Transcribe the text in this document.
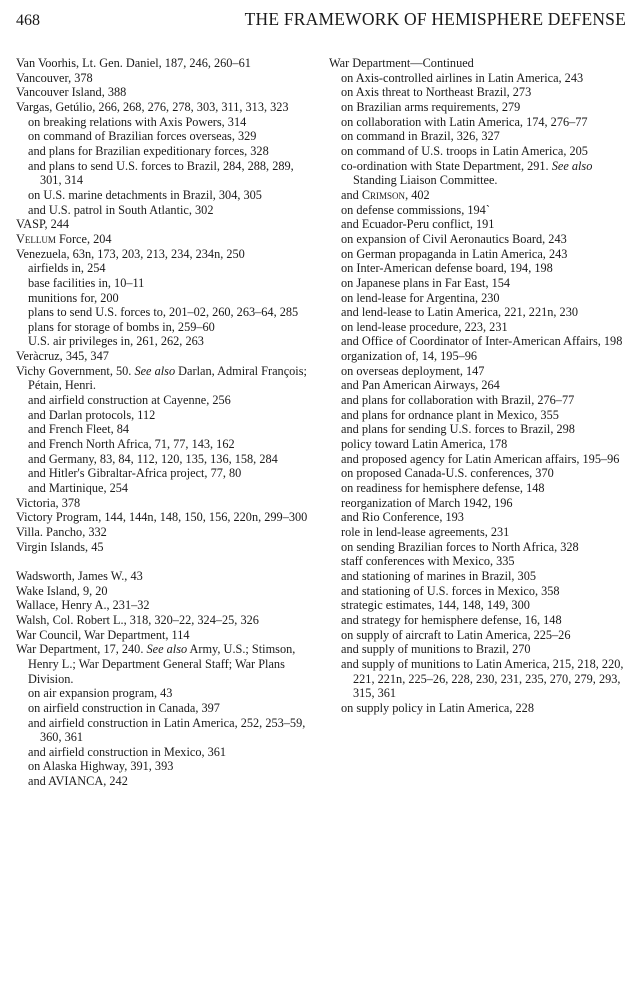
468	THE FRAMEWORK OF HEMISPHERE DEFENSE
Van Voorhis, Lt. Gen. Daniel, 187, 246, 260–61
Vancouver, 378
Vancouver Island, 388
Vargas, Getúlio, 266, 268, 276, 278, 303, 311, 313, 323
on breaking relations with Axis Powers, 314
on command of Brazilian forces overseas, 329
and plans for Brazilian expeditionary forces, 328
and plans to send U.S. forces to Brazil, 284, 288, 289, 301, 314
on U.S. marine detachments in Brazil, 304, 305
and U.S. patrol in South Atlantic, 302
VASP, 244
Vellum Force, 204
Venezuela, 63n, 173, 203, 213, 234, 234n, 250
airfields in, 254
base facilities in, 10–11
munitions for, 200
plans to send U.S. forces to, 201–02, 260, 263–64, 285
plans for storage of bombs in, 259–60
U.S. air privileges in, 261, 262, 263
Veràcruz, 345, 347
Vichy Government, 50. See also Darlan, Admiral François; Pétain, Henri.
and airfield construction at Cayenne, 256
and Darlan protocols, 112
and French Fleet, 84
and French North Africa, 71, 77, 143, 162
and Germany, 83, 84, 112, 120, 135, 136, 158, 284
and Hitler's Gibraltar-Africa project, 77, 80
and Martinique, 254
Victoria, 378
Victory Program, 144, 144n, 148, 150, 156, 220n, 299–300
Villa. Pancho, 332
Virgin Islands, 45
Wadsworth, James W., 43
Wake Island, 9, 20
Wallace, Henry A., 231–32
Walsh, Col. Robert L., 318, 320–22, 324–25, 326
War Council, War Department, 114
War Department, 17, 240. See also Army, U.S.; Stimson, Henry L.; War Department General Staff; War Plans Division.
on air expansion program, 43
on airfield construction in Canada, 397
and airfield construction in Latin America, 252, 253–59, 360, 361
and airfield construction in Mexico, 361
on Alaska Highway, 391, 393
and AVIANCA, 242
War Department—Continued
on Axis-controlled airlines in Latin America, 243
on Axis threat to Northeast Brazil, 273
on Brazilian arms requirements, 279
on collaboration with Latin America, 174, 276–77
on command in Brazil, 326, 327
on command of U.S. troops in Latin America, 205
co-ordination with State Department, 291. See also Standing Liaison Committee.
and Crimson, 402
on defense commissions, 194`
and Ecuador-Peru conflict, 191
on expansion of Civil Aeronautics Board, 243
on German propaganda in Latin America, 243
on Inter-American defense board, 194, 198
on Japanese plans in Far East, 154
on lend-lease for Argentina, 230
and lend-lease to Latin America, 221, 221n, 230
on lend-lease procedure, 223, 231
and Office of Coordinator of Inter-American Affairs, 198
organization of, 14, 195–96
on overseas deployment, 147
and Pan American Airways, 264
and plans for collaboration with Brazil, 276–77
and plans for ordnance plant in Mexico, 355
and plans for sending U.S. forces to Brazil, 298
policy toward Latin America, 178
and proposed agency for Latin American affairs, 195–96
on proposed Canada-U.S. conferences, 370
on readiness for hemisphere defense, 148
reorganization of March 1942, 196
and Rio Conference, 193
role in lend-lease agreements, 231
on sending Brazilian forces to North Africa, 328
staff conferences with Mexico, 335
and stationing of marines in Brazil, 305
and stationing of U.S. forces in Mexico, 358
strategic estimates, 144, 148, 149, 300
and strategy for hemisphere defense, 16, 148
on supply of aircraft to Latin America, 225–26
and supply of munitions to Brazil, 270
and supply of munitions to Latin America, 215, 218, 220, 221, 221n, 225–26, 228, 230, 231, 235, 270, 279, 293, 315, 361
on supply policy in Latin America, 228
